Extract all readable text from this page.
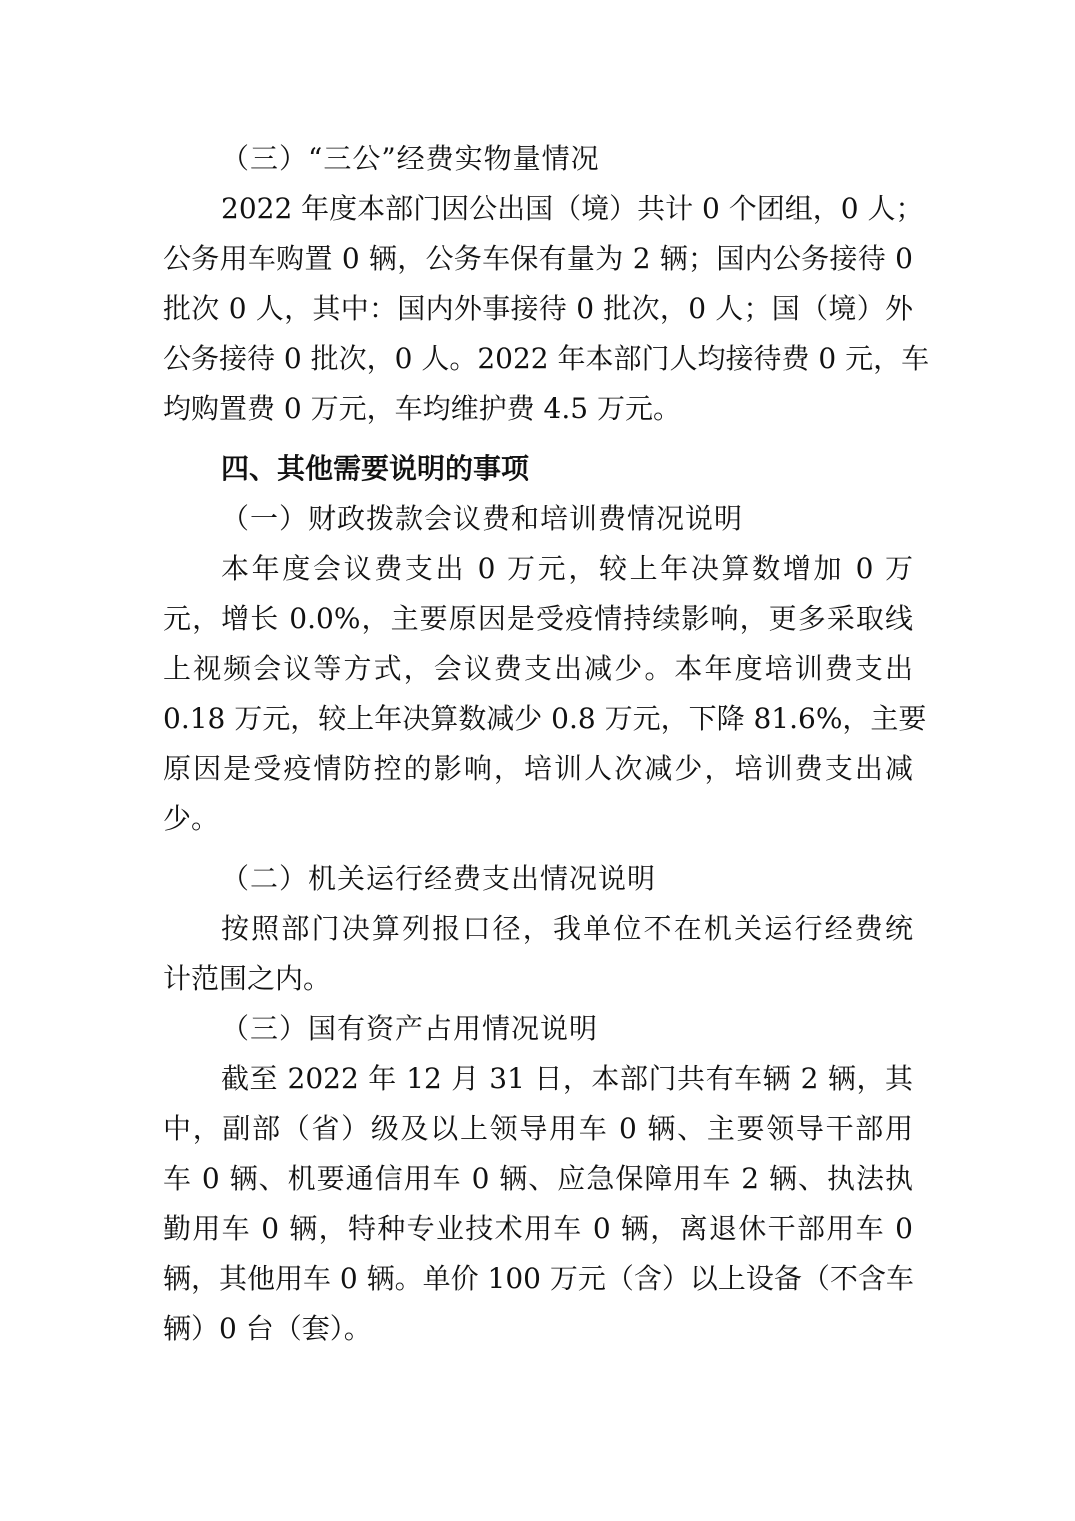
（三）“三公”经费实物量情况
2022 年度本部门因公出国（境）共计 0 个团组，0 人；
公务用车购置 0 辆，公务车保有量为 2 辆；国内公务接待 0
批次 0 人，其中：国内外事接待 0 批次，0 人；国（境）外
公务接待 0 批次，0 人。2022 年本部门人均接待费 0 元，车
均购置费 0 万元，车均维护费 4.5 万元。
四、其他需要说明的事项
（一）财政拨款会议费和培训费情况说明
本年度会议费支出 0 万元，较上年决算数增加 0 万
元，增长 0.0%，主要原因是受疫情持续影响，更多采取线
上视频会议等方式，会议费支出减少。本年度培训费支出
0.18 万元，较上年决算数减少 0.8 万元，下降 81.6%，主要
原因是受疫情防控的影响，培训人次减少，培训费支出减
少。
（二）机关运行经费支出情况说明
按照部门决算列报口径，我单位不在机关运行经费统
计范围之内。
（三）国有资产占用情况说明
截至 2022 年 12 月 31 日，本部门共有车辆 2 辆，其
中，副部（省）级及以上领导用车 0 辆、主要领导干部用
车 0 辆、机要通信用车 0 辆、应急保障用车 2 辆、执法执
勤用车 0 辆，特种专业技术用车 0 辆，离退休干部用车 0
辆，其他用车 0 辆。单价 100 万元（含）以上设备（不含车
辆）0 台（套）。
